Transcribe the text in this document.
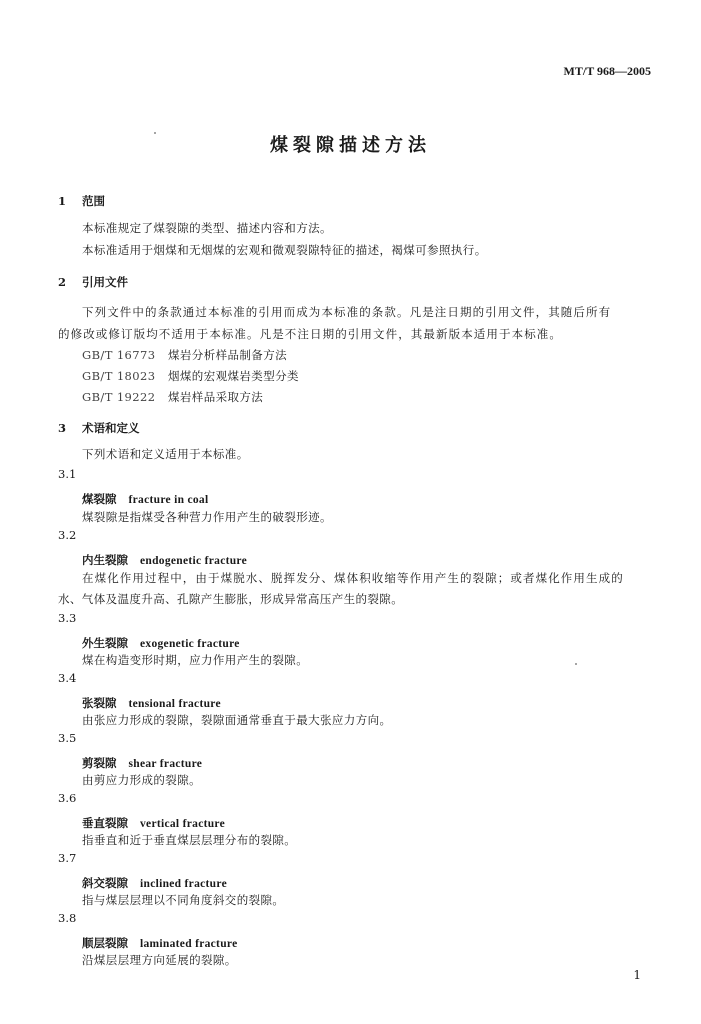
MT/T 968—2005
煤裂隙描述方法
1 范围
本标准规定了煤裂隙的类型、描述内容和方法。
本标准适用于烟煤和无烟煤的宏观和微观裂隙特征的描述，褐煤可参照执行。
2 引用文件
下列文件中的条款通过本标准的引用而成为本标准的条款。凡是注日期的引用文件，其随后所有
的修改或修订版均不适用于本标准。凡是不注日期的引用文件，其最新版本适用于本标准。
GB/T 16773 煤岩分析样品制备方法
GB/T 18023 烟煤的宏观煤岩类型分类
GB/T 19222 煤岩样品采取方法
3 术语和定义
下列术语和定义适用于本标准。
3.1
煤裂隙 fracture in coal
煤裂隙是指煤受各种营力作用产生的破裂形迹。
3.2
内生裂隙 endogenetic fracture
在煤化作用过程中，由于煤脱水、脱挥发分、煤体积收缩等作用产生的裂隙；或者煤化作用生成的
水、气体及温度升高、孔隙产生膨胀，形成异常高压产生的裂隙。
3.3
外生裂隙 exogenetic fracture
煤在构造变形时期，应力作用产生的裂隙。
3.4
张裂隙 tensional fracture
由张应力形成的裂隙，裂隙面通常垂直于最大张应力方向。
3.5
剪裂隙 shear fracture
由剪应力形成的裂隙。
3.6
垂直裂隙 vertical fracture
指垂直和近于垂直煤层层理分布的裂隙。
3.7
斜交裂隙 inclined fracture
指与煤层层理以不同角度斜交的裂隙。
3.8
顺层裂隙 laminated fracture
沿煤层层理方向延展的裂隙。
1
